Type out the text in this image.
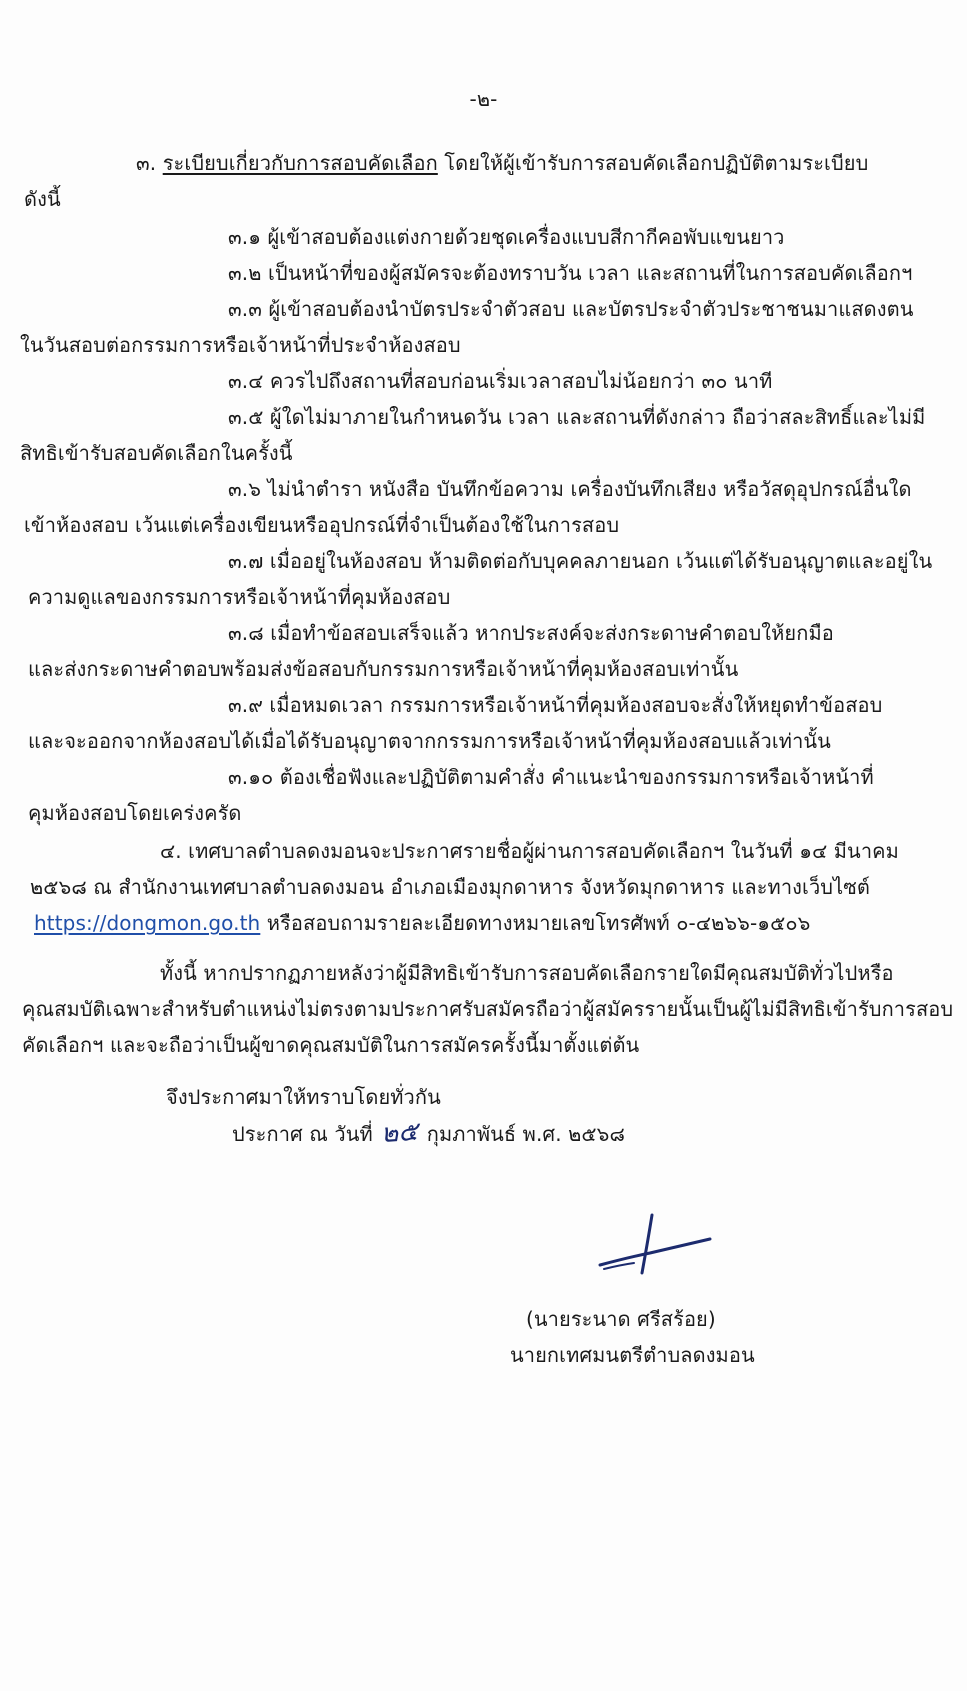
-๒-
๓. ระเบียบเกี่ยวกับการสอบคัดเลือก โดยให้ผู้เข้ารับการสอบคัดเลือกปฏิบัติตามระเบียบ
ดังนี้
๓.๑ ผู้เข้าสอบต้องแต่งกายด้วยชุดเครื่องแบบสีกากีคอพับแขนยาว
๓.๒ เป็นหน้าที่ของผู้สมัครจะต้องทราบวัน เวลา และสถานที่ในการสอบคัดเลือกฯ
๓.๓ ผู้เข้าสอบต้องนำบัตรประจำตัวสอบ และบัตรประจำตัวประชาชนมาแสดงตน
ในวันสอบต่อกรรมการหรือเจ้าหน้าที่ประจำห้องสอบ
๓.๔ ควรไปถึงสถานที่สอบก่อนเริ่มเวลาสอบไม่น้อยกว่า ๓๐ นาที
๓.๕ ผู้ใดไม่มาภายในกำหนดวัน เวลา และสถานที่ดังกล่าว ถือว่าสละสิทธิ์และไม่มี
สิทธิเข้ารับสอบคัดเลือกในครั้งนี้
๓.๖ ไม่นำตำรา หนังสือ บันทึกข้อความ เครื่องบันทึกเสียง หรือวัสดุอุปกรณ์อื่นใด
เข้าห้องสอบ เว้นแต่เครื่องเขียนหรืออุปกรณ์ที่จำเป็นต้องใช้ในการสอบ
๓.๗ เมื่ออยู่ในห้องสอบ ห้ามติดต่อกับบุคคลภายนอก เว้นแต่ได้รับอนุญาตและอยู่ใน
ความดูแลของกรรมการหรือเจ้าหน้าที่คุมห้องสอบ
๓.๘ เมื่อทำข้อสอบเสร็จแล้ว หากประสงค์จะส่งกระดาษคำตอบให้ยกมือ
และส่งกระดาษคำตอบพร้อมส่งข้อสอบกับกรรมการหรือเจ้าหน้าที่คุมห้องสอบเท่านั้น
๓.๙ เมื่อหมดเวลา กรรมการหรือเจ้าหน้าที่คุมห้องสอบจะสั่งให้หยุดทำข้อสอบ
และจะออกจากห้องสอบได้เมื่อได้รับอนุญาตจากกรรมการหรือเจ้าหน้าที่คุมห้องสอบแล้วเท่านั้น
๓.๑๐ ต้องเชื่อฟังและปฏิบัติตามคำสั่ง คำแนะนำของกรรมการหรือเจ้าหน้าที่
คุมห้องสอบโดยเคร่งครัด
๔. เทศบาลตำบลดงมอนจะประกาศรายชื่อผู้ผ่านการสอบคัดเลือกฯ ในวันที่ ๑๔ มีนาคม
๒๕๖๘ ณ สำนักงานเทศบาลตำบลดงมอน อำเภอเมืองมุกดาหาร จังหวัดมุกดาหาร และทางเว็บไซต์
https://dongmon.go.th หรือสอบถามรายละเอียดทางหมายเลขโทรศัพท์ ๐-๔๒๖๖-๑๕๐๖
ทั้งนี้ หากปรากฏภายหลังว่าผู้มีสิทธิเข้ารับการสอบคัดเลือกรายใดมีคุณสมบัติทั่วไปหรือ
คุณสมบัติเฉพาะสำหรับตำแหน่งไม่ตรงตามประกาศรับสมัครถือว่าผู้สมัครรายนั้นเป็นผู้ไม่มีสิทธิเข้ารับการสอบ
คัดเลือกฯ และจะถือว่าเป็นผู้ขาดคุณสมบัติในการสมัครครั้งนี้มาตั้งแต่ต้น
จึงประกาศมาให้ทราบโดยทั่วกัน
ประกาศ ณ วันที่ ๒๕ กุมภาพันธ์ พ.ศ. ๒๕๖๘
(นายระนาด ศรีสร้อย)
นายกเทศมนตรีตำบลดงมอน
